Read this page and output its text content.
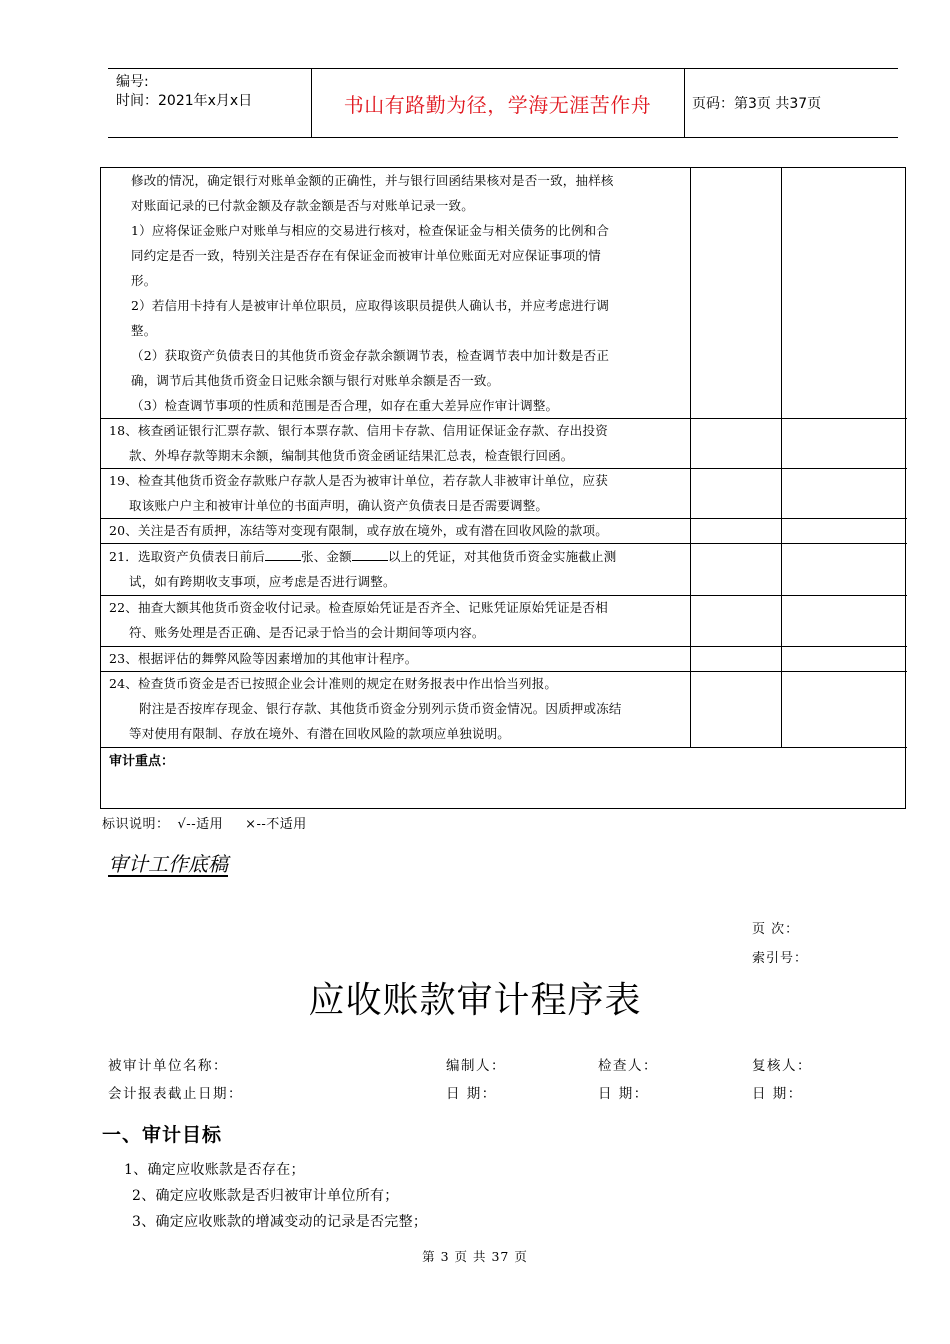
编号:
时间：2021年x月x日	书山有路勤为径，学海无涯苦作舟	页码：第3页 共37页

修改的情况，确定银行对账单金额的正确性，并与银行回函结果核对是否一致，抽样核

对账面记录的已付款金额及存款金额是否与对账单记录一致。

1）应将保证金账户对账单与相应的交易进行核对，检查保证金与相关债务的比例和合

同约定是否一致，特别关注是否存在有保证金而被审计单位账面无对应保证事项的情

形。

2）若信用卡持有人是被审计单位职员，应取得该职员提供人确认书，并应考虑进行调

整。

（2）获取资产负债表日的其他货币资金存款余额调节表，检查调节表中加计数是否正

确，调节后其他货币资金日记账余额与银行对账单余额是否一致。

（3）检查调节事项的性质和范围是否合理，如存在重大差异应作审计调整。

18、核查函证银行汇票存款、银行本票存款、信用卡存款、信用证保证金存款、存出投资

款、外埠存款等期末余额，编制其他货币资金函证结果汇总表，检查银行回函。

19、检查其他货币资金存款账户存款人是否为被审计单位，若存款人非被审计单位，应获

取该账户户主和被审计单位的书面声明，确认资产负债表日是否需要调整。

20、关注是否有质押，冻结等对变现有限制，或存放在境外，或有潜在回收风险的款项。

21．选取资产负债表日前后	张、金额	以上的凭证，对其他货币资金实施截止测

试，如有跨期收支事项，应考虑是否进行调整。

22、抽查大额其他货币资金收付记录。检查原始凭证是否齐全、记账凭证原始凭证是否相

符、账务处理是否正确、是否记录于恰当的会计期间等项内容。

23、根据评估的舞弊风险等因素增加的其他审计程序。

24、检查货币资金是否已按照企业会计准则的规定在财务报表中作出恰当列报。

附注是否按库存现金、银行存款、其他货币资金分别列示货币资金情况。因质押或冻结

等对使用有限制、存放在境外、有潜在回收风险的款项应单独说明。

审计重点：
标识说明： √--适用 ×--不适用
审计工作底稿
页 次：
索引号：
应收账款审计程序表
被审计单位名称：	编制人：	检查人：	复核人：
会计报表截止日期：	日 期：	日 期：	日 期：
一、审计目标
1、确定应收账款是否存在；
2、确定应收账款是否归被审计单位所有；
3、确定应收账款的增减变动的记录是否完整；
第 3 页 共 37 页
